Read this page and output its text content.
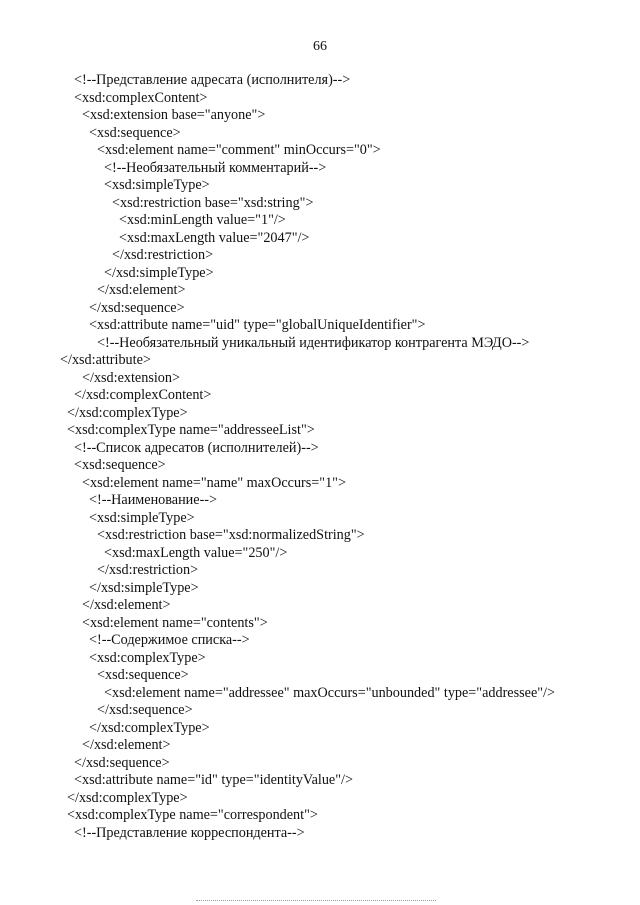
66
<!--Представление адресата (исполнителя)-->
<xsd:complexContent>
<xsd:extension base="anyone">
<xsd:sequence>
<xsd:element name="comment" minOccurs="0">
<!--Необязательный комментарий-->
<xsd:simpleType>
<xsd:restriction base="xsd:string">
<xsd:minLength value="1"/>
<xsd:maxLength value="2047"/>
</xsd:restriction>
</xsd:simpleType>
</xsd:element>
</xsd:sequence>
<xsd:attribute name="uid" type="globalUniqueIdentifier">
<!--Необязательный уникальный идентификатор контрагента МЭДО-->
</xsd:attribute>
</xsd:extension>
</xsd:complexContent>
</xsd:complexType>
<xsd:complexType name="addresseeList">
<!--Список адресатов (исполнителей)-->
<xsd:sequence>
<xsd:element name="name" maxOccurs="1">
<!--Наименование-->
<xsd:simpleType>
<xsd:restriction base="xsd:normalizedString">
<xsd:maxLength value="250"/>
</xsd:restriction>
</xsd:simpleType>
</xsd:element>
<xsd:element name="contents">
<!--Содержимое списка-->
<xsd:complexType>
<xsd:sequence>
<xsd:element name="addressee" maxOccurs="unbounded" type="addressee"/>
</xsd:sequence>
</xsd:complexType>
</xsd:element>
</xsd:sequence>
<xsd:attribute name="id" type="identityValue"/>
</xsd:complexType>
<xsd:complexType name="correspondent">
<!--Представление корреспондента-->
